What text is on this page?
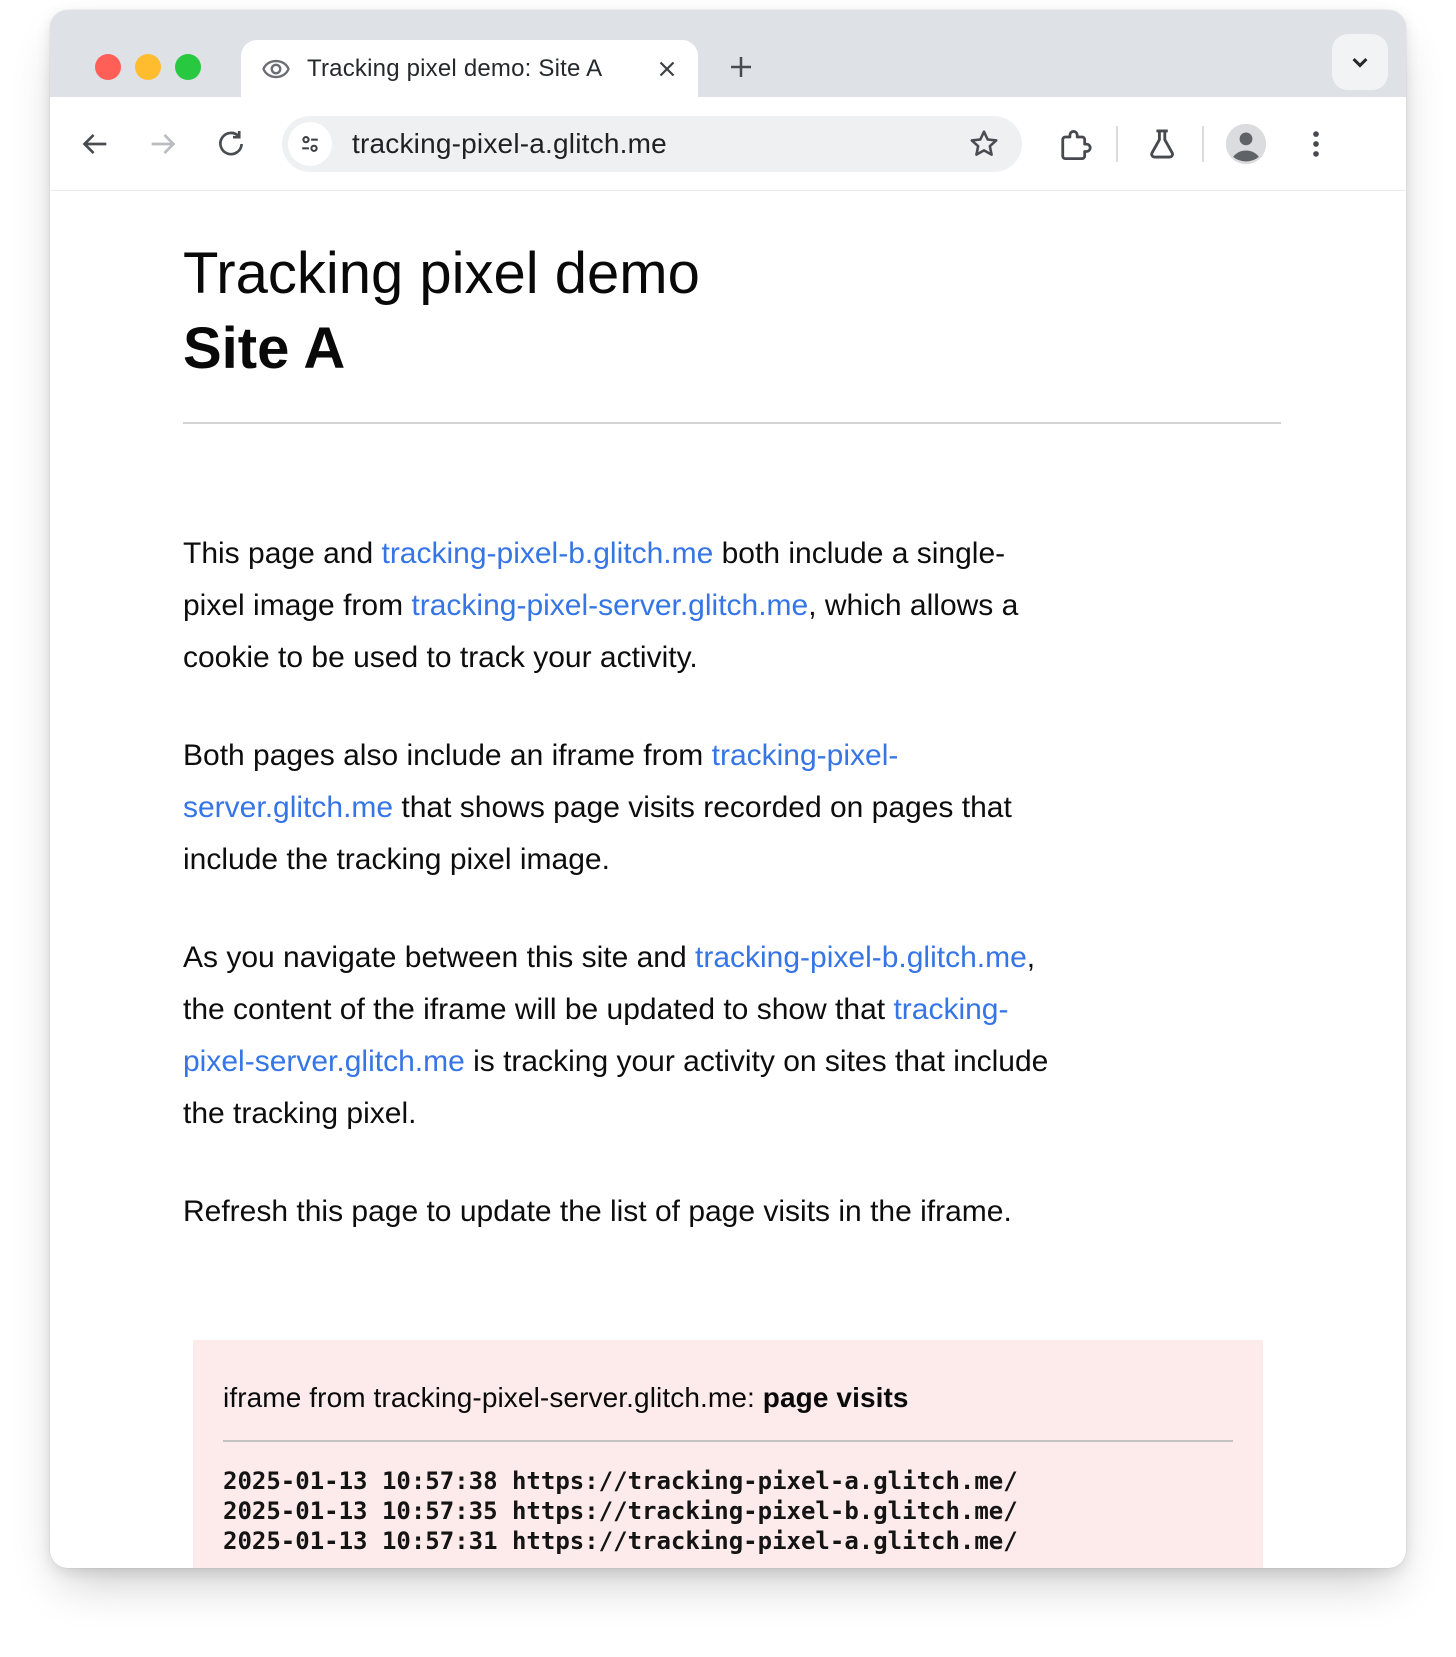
Tracking pixel demo: Site A
tracking-pixel-a.glitch.me
Tracking pixel demo
Site A
This page and tracking-pixel-b.glitch.me both include a single-
pixel image from tracking-pixel-server.glitch.me, which allows a
cookie to be used to track your activity.
Both pages also include an iframe from tracking-pixel-
server.glitch.me that shows page visits recorded on pages that
include the tracking pixel image.
As you navigate between this site and tracking-pixel-b.glitch.me,
the content of the iframe will be updated to show that tracking-
pixel-server.glitch.me is tracking your activity on sites that include
the tracking pixel.
Refresh this page to update the list of page visits in the iframe.
iframe from tracking-pixel-server.glitch.me: page visits
2025-01-13 10:57:38 https://tracking-pixel-a.glitch.me/
2025-01-13 10:57:35 https://tracking-pixel-b.glitch.me/
2025-01-13 10:57:31 https://tracking-pixel-a.glitch.me/
